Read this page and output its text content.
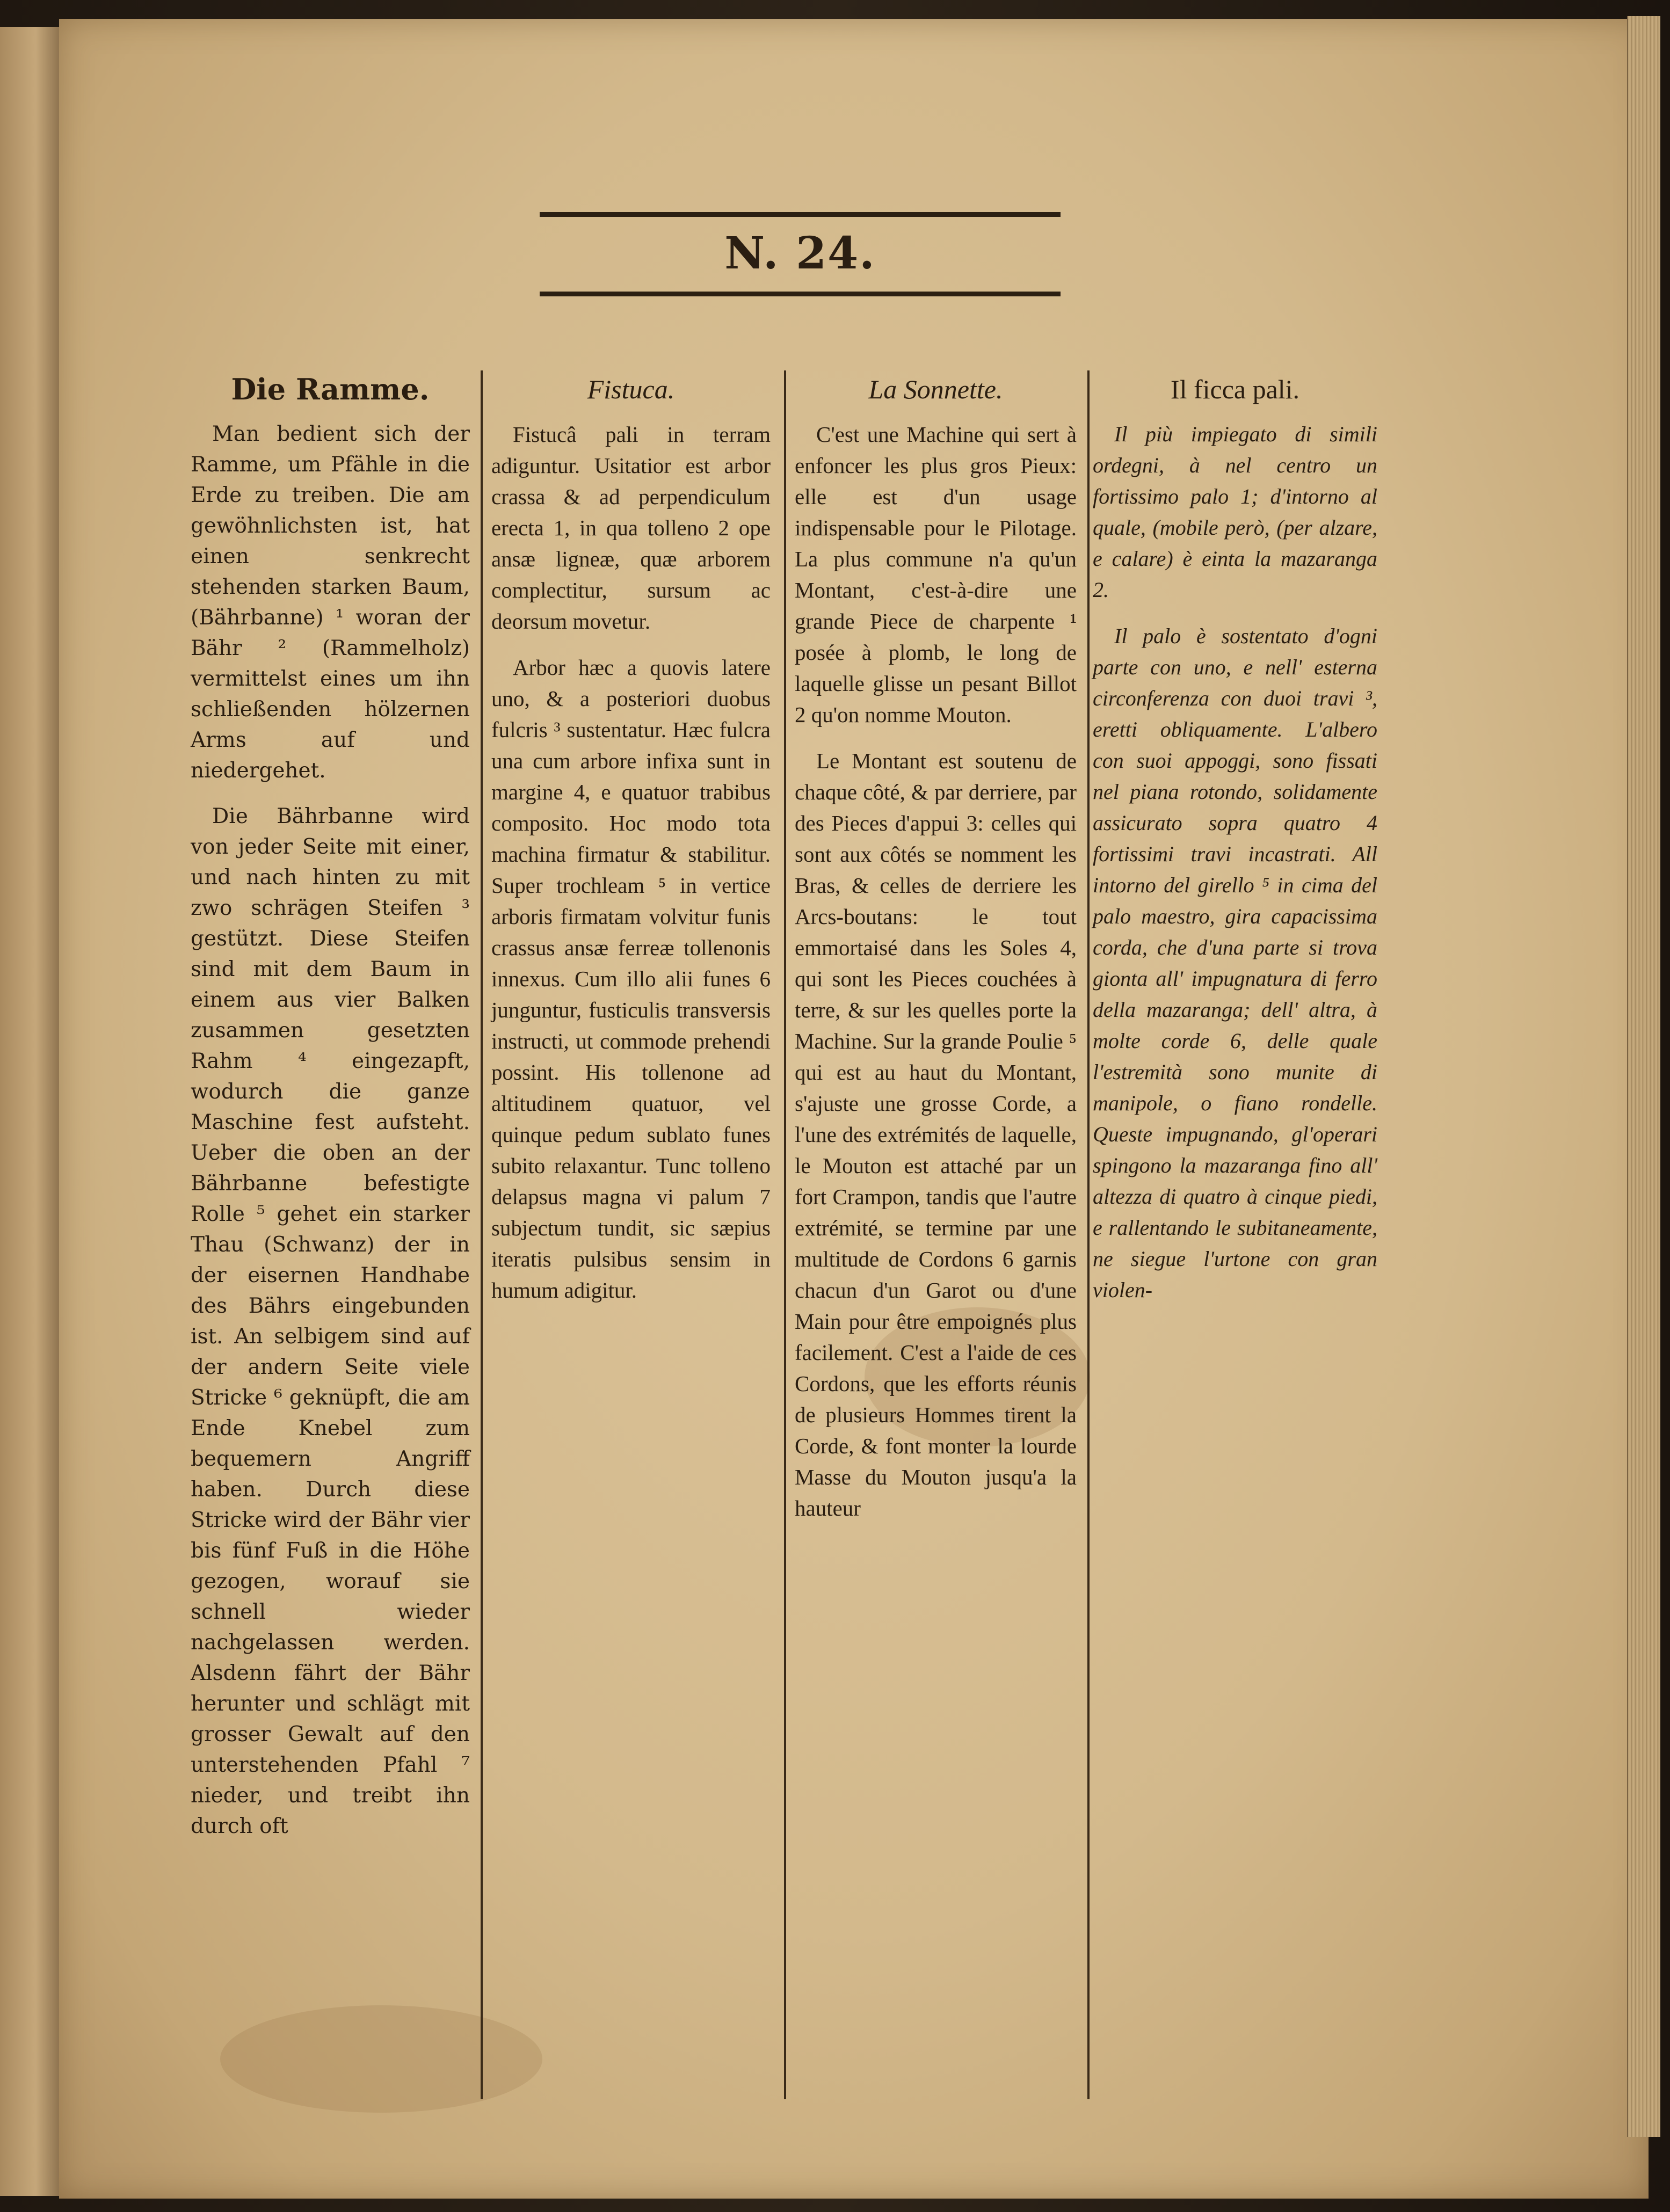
N. 24.
Die Ramme.

Man bedient sich der Ramme, um Pfähle in die Erde zu treiben. Die am gewöhnlichsten ist, hat einen senkrecht stehenden starken Baum, (Bährbanne) ¹ woran der Bähr ² (Rammelholz) vermittelst eines um ihn schließenden hölzernen Arms auf und niedergehet.

Die Bährbanne wird von jeder Seite mit einer, und nach hinten zu mit zwo schrägen Steifen ³ gestützt. Diese Steifen sind mit dem Baum in einem aus vier Balken zusammen gesetzten Rahm ⁴ eingezapft, wodurch die ganze Maschine fest aufsteht. Ueber die oben an der Bährbanne befestigte Rolle ⁵ gehet ein starker Thau (Schwanz) der in der eisernen Handhabe des Bährs eingebunden ist. An selbigem sind auf der andern Seite viele Stricke ⁶ geknüpft, die am Ende Knebel zum bequemern Angriff haben. Durch diese Stricke wird der Bähr vier bis fünf Fuß in die Höhe gezogen, worauf sie schnell wieder nachgelassen werden. Alsdenn fährt der Bähr herunter und schlägt mit grosser Gewalt auf den unterstehenden Pfahl ⁷ nieder, und treibt ihn durch oft

Fistuca.

Fistucâ pali in terram adiguntur. Usitatior est arbor crassa & ad perpendiculum erecta 1, in qua tolleno 2 ope ansæ ligneæ, quæ arborem complectitur, sursum ac deorsum movetur.

Arbor hæc a quovis latere uno, & a posteriori duobus fulcris ³ sustentatur. Hæc fulcra una cum arbore infixa sunt in margine 4, e quatuor trabibus composito. Hoc modo tota machina firmatur & stabilitur. Super trochleam ⁵ in vertice arboris firmatam volvitur funis crassus ansæ ferreæ tollenonis innexus. Cum illo alii funes 6 junguntur, fusticulis transversis instructi, ut commode prehendi possint. His tollenone ad altitudinem quatuor, vel quinque pedum sublato funes subito relaxantur. Tunc tolleno delapsus magna vi palum 7 subjectum tundit, sic sæpius iteratis pulsibus sensim in humum adigitur.

La Sonnette.

C'est une Machine qui sert à enfoncer les plus gros Pieux: elle est d'un usage indispensable pour le Pilotage. La plus commune n'a qu'un Montant, c'est-à-dire une grande Piece de charpente ¹ posée à plomb, le long de laquelle glisse un pesant Billot 2 qu'on nomme Mouton.

Le Montant est soutenu de chaque côté, & par derriere, par des Pieces d'appui 3: celles qui sont aux côtés se nomment les Bras, & celles de derriere les Arcs-boutans: le tout emmortaisé dans les Soles 4, qui sont les Pieces couchées à terre, & sur les quelles porte la Machine. Sur la grande Poulie ⁵ qui est au haut du Montant, s'ajuste une grosse Corde, a l'une des extrémités de laquelle, le Mouton est attaché par un fort Crampon, tandis que l'autre extrémité, se termine par une multitude de Cordons 6 garnis chacun d'un Garot ou d'une Main pour être empoignés plus facilement. C'est a l'aide de ces Cordons, que les efforts réunis de plusieurs Hommes tirent la Corde, & font monter la lourde Masse du Mouton jusqu'a la hauteur

Il ficca pali.

Il più impiegato di simili ordegni, à nel centro un fortissimo palo 1; d'intorno al quale, (mobile però, (per alzare, e calare) è einta la mazaranga 2.

Il palo è sostentato d'ogni parte con uno, e nell' esterna circonferenza con duoi travi ³, eretti obliquamente. L'albero con suoi appoggi, sono fissati nel piana rotondo, solidamente assicurato sopra quatro 4 fortissimi travi incastrati. All intorno del girello ⁵ in cima del palo maestro, gira capacissima corda, che d'una parte si trova gionta all' impugnatura di ferro della mazaranga; dell' altra, à molte corde 6, delle quale l'estremità sono munite di manipole, o fiano rondelle. Queste impugnando, gl'operari spingono la mazaranga fino all' altezza di quatro à cinque piedi, e rallentando le subitaneamente, ne siegue l'urtone con gran violen-
